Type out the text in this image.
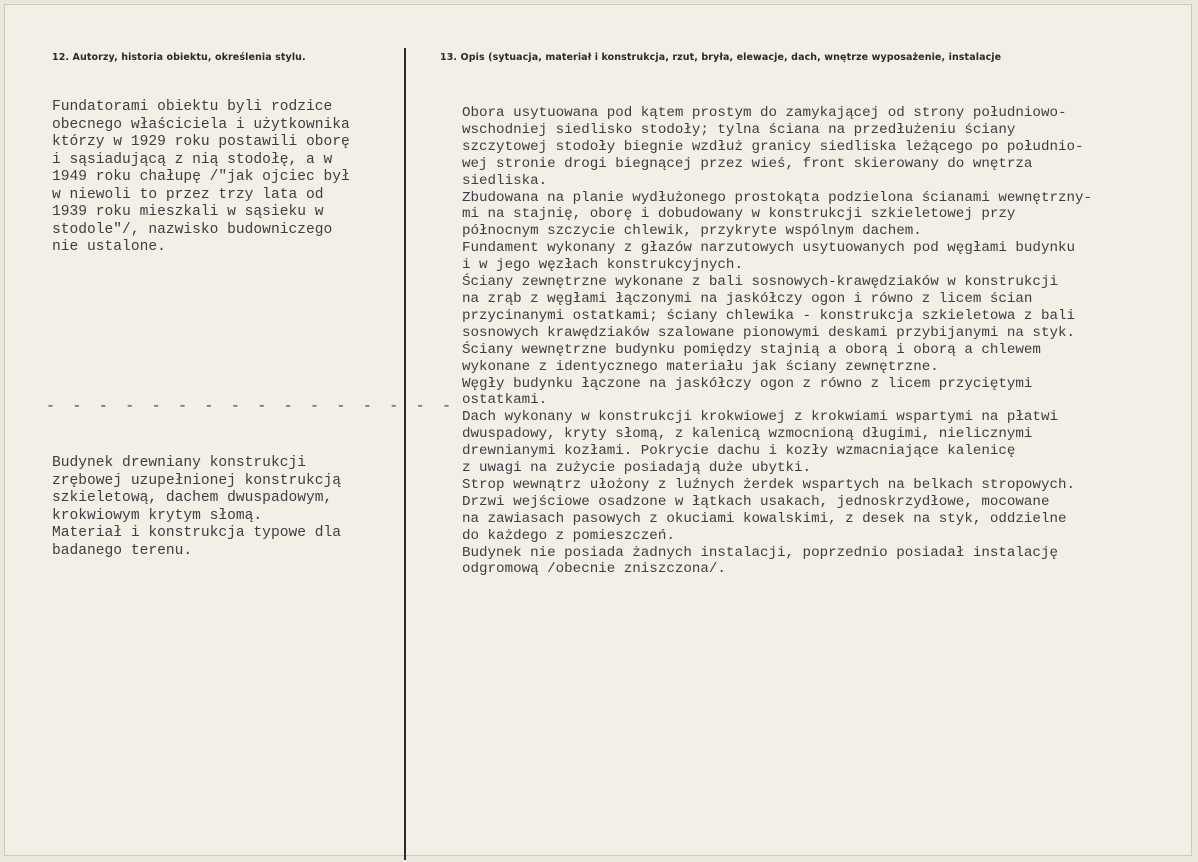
12. Autorzy, historia obiektu, określenia stylu.	13. Opis (sytuacja, materiał i konstrukcja, rzut, bryła, elewacje, dach, wnętrze wyposażenie, instalacje
Fundatorami obiektu byli rodzice
obecnego właściciela i użytkownika
którzy w 1929 roku postawili oborę
i sąsiadującą z nią stodołę, a w
1949 roku chałupę /"jak ojciec był
w niewoli to przez trzy lata od
1939 roku mieszkali w sąsieku w
stodole"/, nazwisko budowniczego
nie ustalone.
- - - - - - - - - - - - - - - -
Budynek drewniany konstrukcji
zrębowej uzupełnionej konstrukcją
szkieletową, dachem dwuspadowym,
krokwiowym krytym słomą.
Materiał i konstrukcja typowe dla
badanego terenu.
Obora usytuowana pod kątem prostym do zamykającej od strony południowo-
wschodniej siedlisko stodoły; tylna ściana na przedłużeniu ściany
szczytowej stodoły biegnie wzdłuż granicy siedliska leżącego po południo-
wej stronie drogi biegnącej przez wieś, front skierowany do wnętrza
siedliska.
Zbudowana na planie wydłużonego prostokąta podzielona ścianami wewnętrzny-
mi na stajnię, oborę i dobudowany w konstrukcji szkieletowej przy
północnym szczycie chlewik, przykryte wspólnym dachem.
Fundament wykonany z głazów narzutowych usytuowanych pod węgłami budynku
i w jego węzłach konstrukcyjnych.
Ściany zewnętrzne wykonane z bali sosnowych-krawędziaków w konstrukcji
na zrąb z węgłami łączonymi na jaskółczy ogon i równo z licem ścian
przycinanymi ostatkami; ściany chlewika - konstrukcja szkieletowa z bali
sosnowych krawędziaków szalowane pionowymi deskami przybijanymi na styk.
Ściany wewnętrzne budynku pomiędzy stajnią a oborą i oborą a chlewem
wykonane z identycznego materiału jak ściany zewnętrzne.
Węgły budynku łączone na jaskółczy ogon z równo z licem przyciętymi
ostatkami.
Dach wykonany w konstrukcji krokwiowej z krokwiami wspartymi na płatwi
dwuspadowy, kryty słomą, z kalenicą wzmocnioną długimi, nielicznymi
drewnianymi kozłami. Pokrycie dachu i kozły wzmacniające kalenicę
z uwagi na zużycie posiadają duże ubytki.
Strop wewnątrz ułożony z luźnych żerdek wspartych na belkach stropowych.
Drzwi wejściowe osadzone w łątkach usakach, jednoskrzydłowe, mocowane
na zawiasach pasowych z okuciami kowalskimi, z desek na styk, oddzielne
do każdego z pomieszczeń.
Budynek nie posiada żadnych instalacji, poprzednio posiadał instalację
odgromową /obecnie zniszczona/.
